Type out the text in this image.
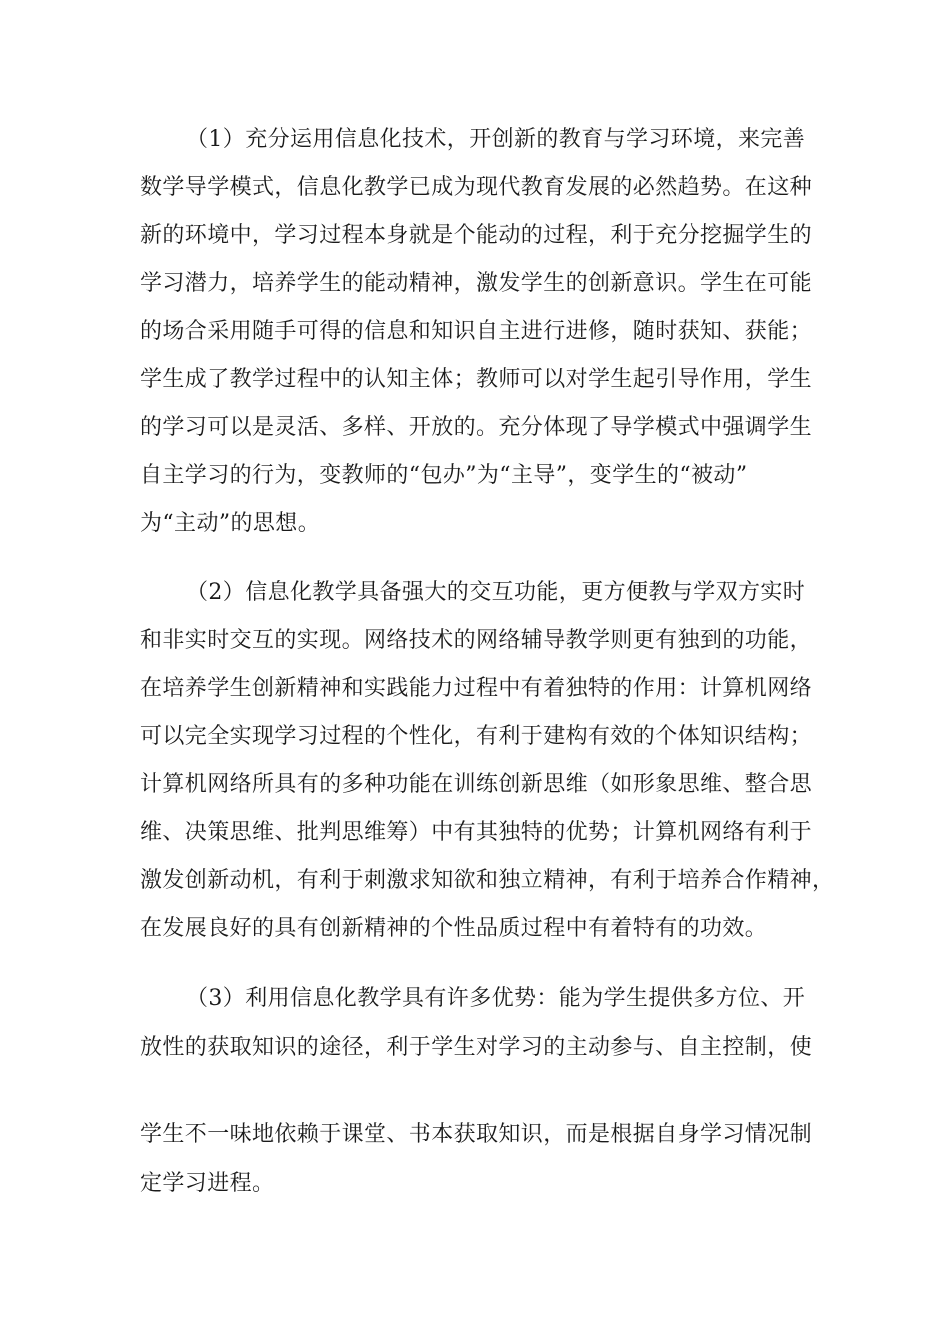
（1）充分运用信息化技术，开创新的教育与学习环境，来完善
数学导学模式，信息化教学已成为现代教育发展的必然趋势。在这种
新的环境中，学习过程本身就是个能动的过程，利于充分挖掘学生的
学习潜力，培养学生的能动精神，激发学生的创新意识。学生在可能
的场合采用随手可得的信息和知识自主进行进修，随时获知、获能；
学生成了教学过程中的认知主体；教师可以对学生起引导作用，学生
的学习可以是灵活、多样、开放的。充分体现了导学模式中强调学生
自主学习的行为，变教师的“包办”为“主导”，变学生的“被动”
为“主动”的思想。
（2）信息化教学具备强大的交互功能，更方便教与学双方实时
和非实时交互的实现。网络技术的网络辅导教学则更有独到的功能，
在培养学生创新精神和实践能力过程中有着独特的作用：计算机网络
可以完全实现学习过程的个性化，有利于建构有效的个体知识结构；
计算机网络所具有的多种功能在训练创新思维（如形象思维、整合思
维、决策思维、批判思维筹）中有其独特的优势；计算机网络有利于
激发创新动机，有利于刺激求知欲和独立精神，有利于培养合作精神，
在发展良好的具有创新精神的个性品质过程中有着特有的功效。
（3）利用信息化教学具有许多优势：能为学生提供多方位、开
放性的获取知识的途径，利于学生对学习的主动参与、自主控制，使
学生不一味地依赖于课堂、书本获取知识，而是根据自身学习情况制
定学习进程。
